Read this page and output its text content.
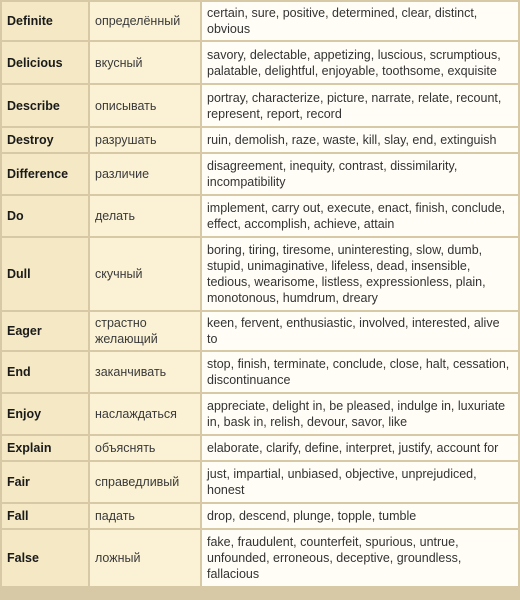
Definite	определённый	certain, sure, positive, determined, clear, distinct, obvious
Delicious	вкусный	savory, delectable, appetizing, luscious, scrumptious, palatable, delightful, enjoyable, toothsome, exquisite
Describe	описывать	portray, characterize, picture, narrate, relate, recount, represent, report, record
Destroy	разрушать	ruin, demolish, raze, waste, kill, slay, end, extinguish
Difference	различие	disagreement, inequity, contrast, dissimilarity, incompatibility
Do	делать	implement, carry out, execute, enact, finish, conclude, effect, accomplish, achieve, attain
Dull	скучный	boring, tiring, tiresome, uninteresting, slow, dumb, stupid, unimaginative, lifeless, dead, insensible, tedious, wearisome, listless, expressionless, plain, monotonous, humdrum, dreary
Eager	страстно желающий	keen, fervent, enthusiastic, involved, interested, alive to
End	заканчивать	stop, finish, terminate, conclude, close, halt, cessation, discontinuance
Enjoy	наслаждаться	appreciate, delight in, be pleased, indulge in, luxuriate in, bask in, relish, devour, savor, like
Explain	объяснять	elaborate, clarify, define, interpret, justify, account for
Fair	справедливый	just, impartial, unbiased, objective, unprejudiced, honest
Fall	падать	drop, descend, plunge, topple, tumble
False	ложный	fake, fraudulent, counterfeit, spurious, untrue, unfounded, erroneous, deceptive, groundless, fallacious
